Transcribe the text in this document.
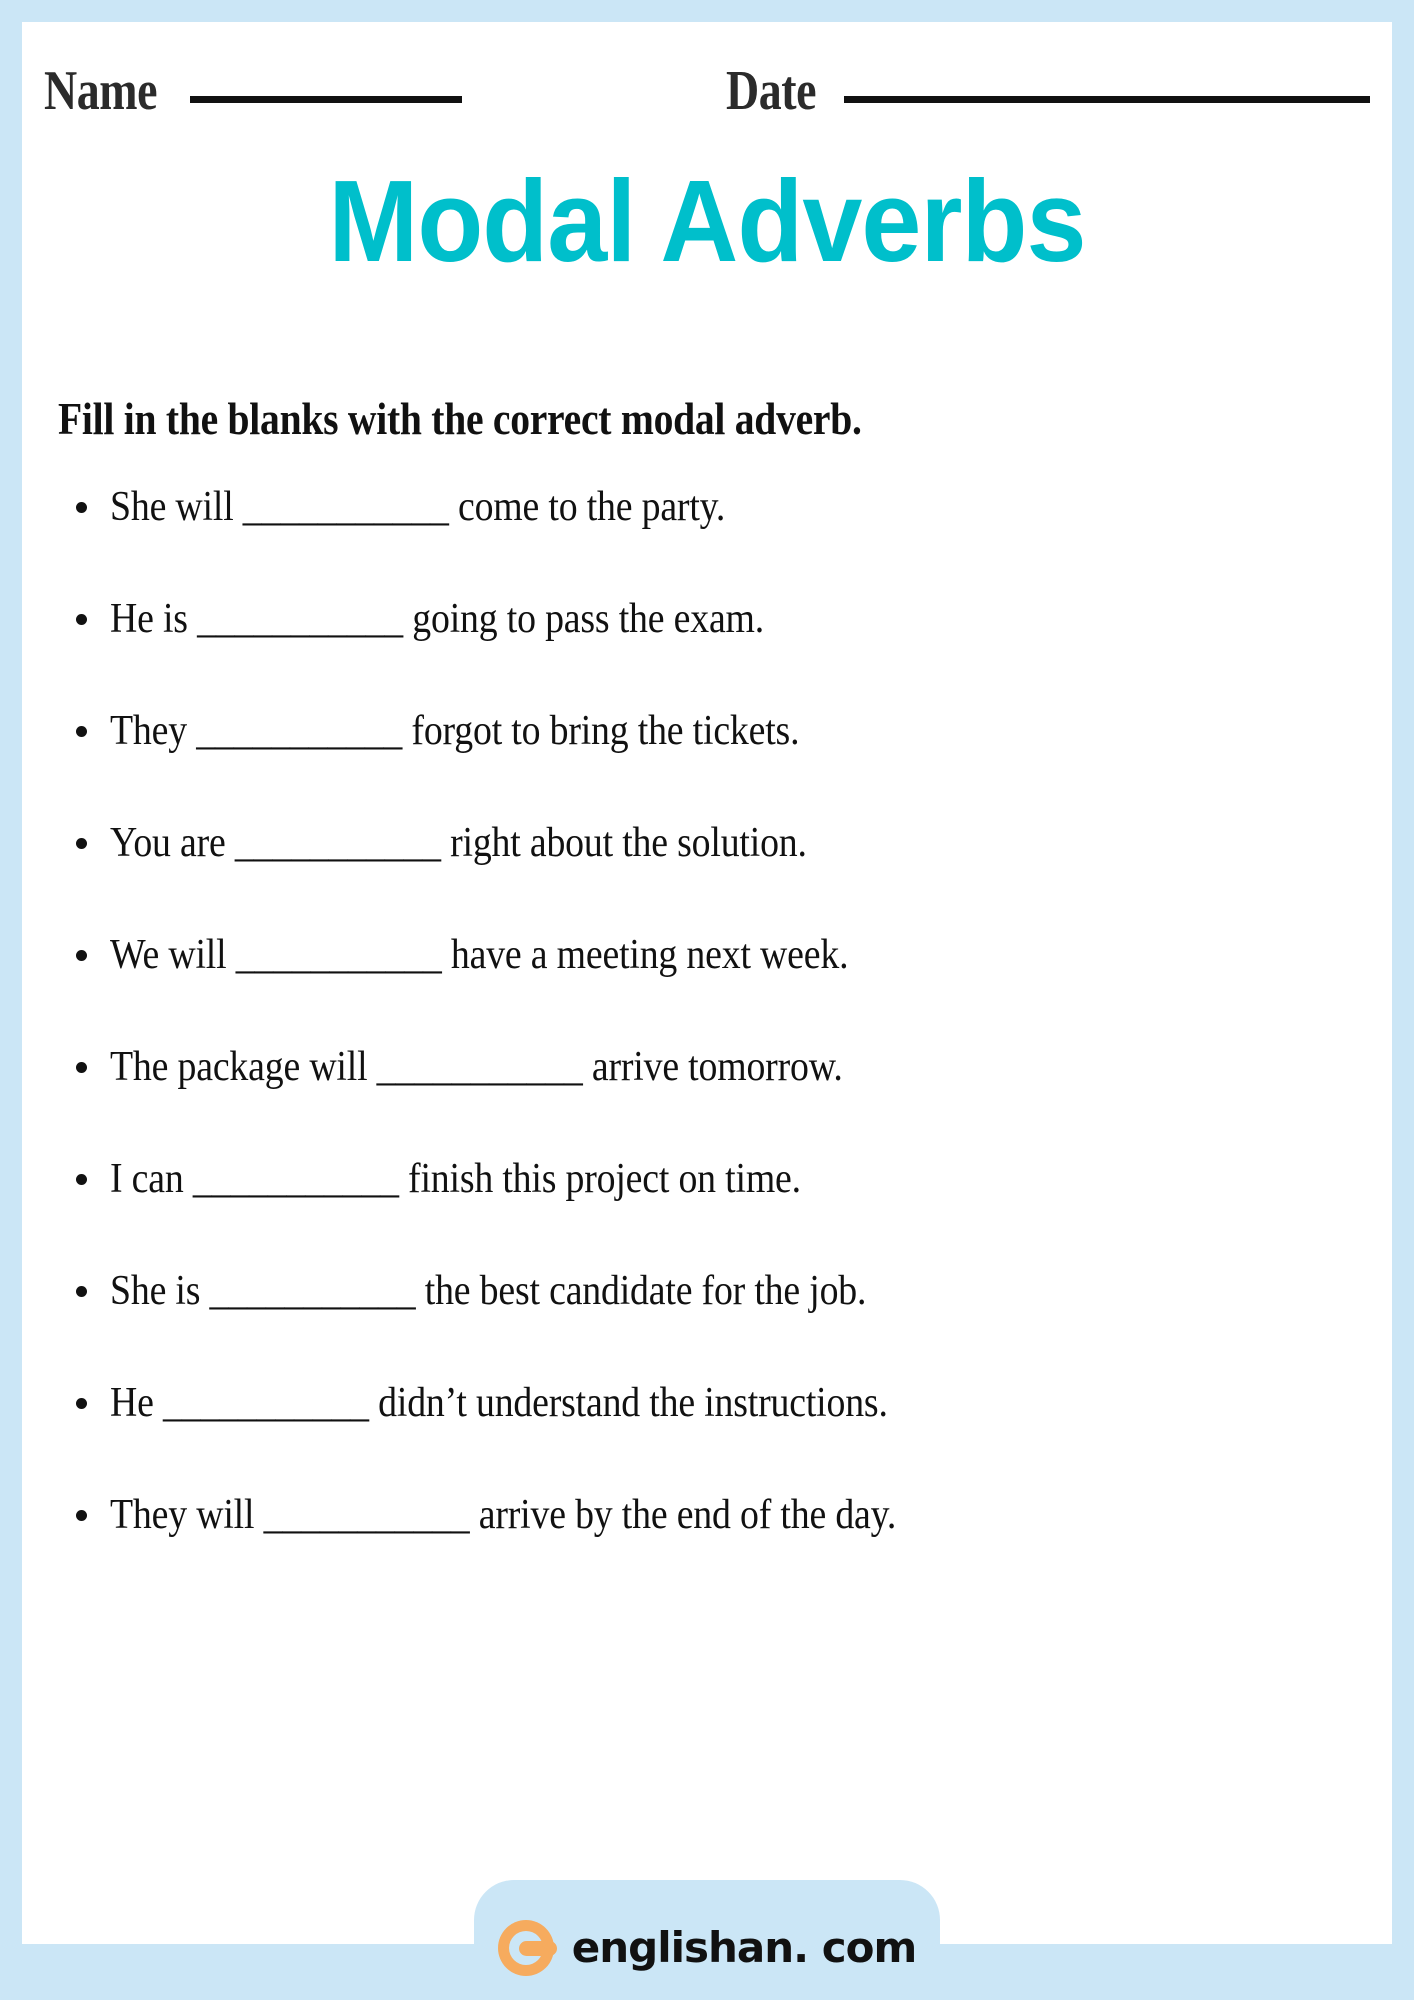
Name	Date
Modal Adverbs
Fill in the blanks with the correct modal adverb.
She will ___________ come to the party.
He is ___________ going to pass the exam.
They ___________ forgot to bring the tickets.
You are ___________ right about the solution.
We will ___________ have a meeting next week.
The package will ___________ arrive tomorrow.
I can ___________ finish this project on time.
She is ___________ the best candidate for the job.
He ___________ didn’t understand the instructions.
They will ___________ arrive by the end of the day.
englishan. com
